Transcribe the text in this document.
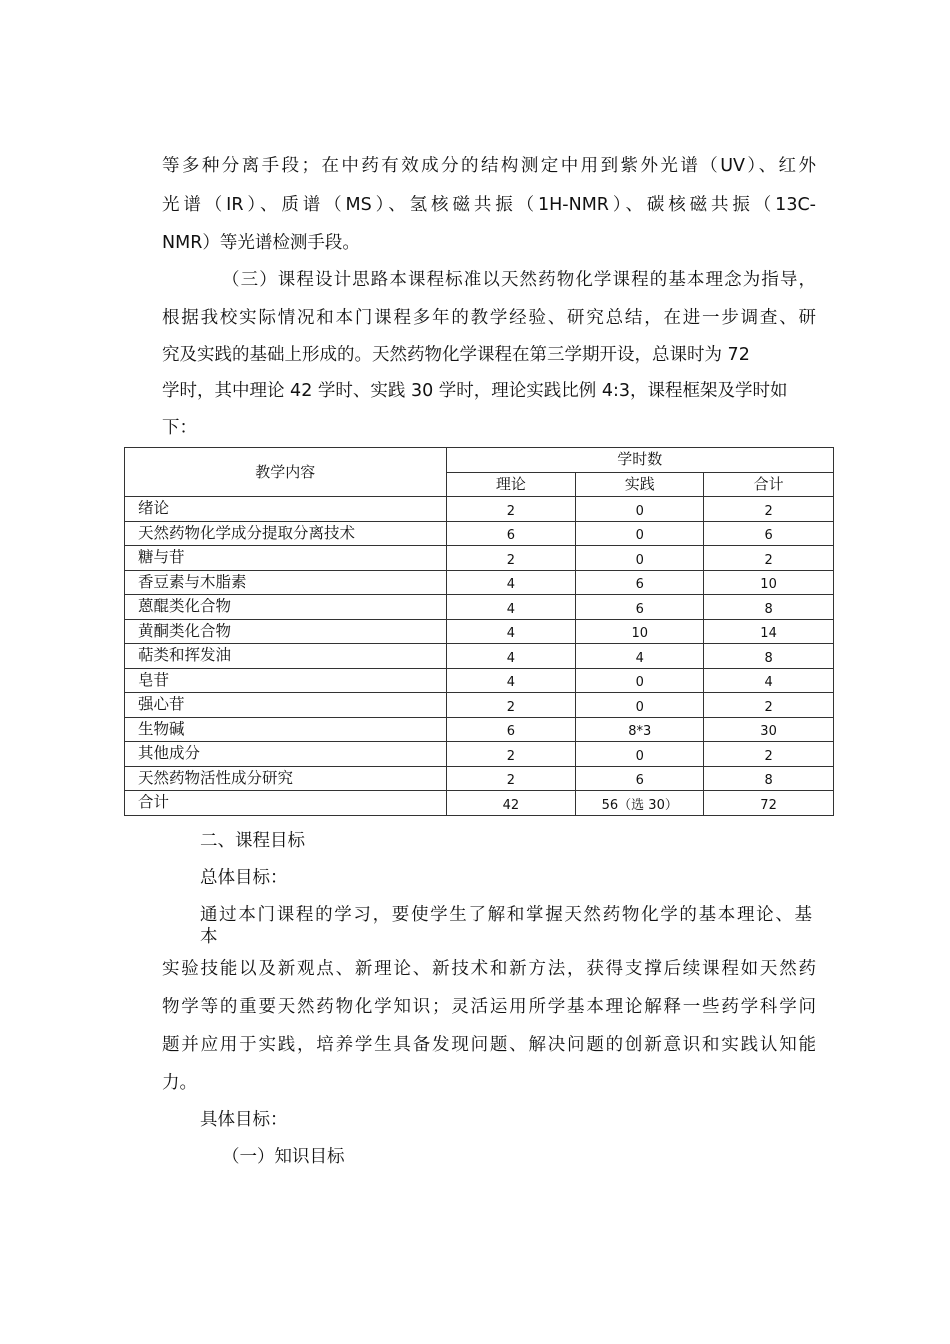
等多种分离手段；在中药有效成分的结构测定中用到紫外光谱（UV）、红外
光谱（IR）、质谱（MS）、氢核磁共振（1H-NMR）、碳核磁共振（13C-
NMR）等光谱检测手段。
（三）课程设计思路本课程标准以天然药物化学课程的基本理念为指导，
根据我校实际情况和本门课程多年的教学经验、研究总结，在进一步调查、研
究及实践的基础上形成的。天然药物化学课程在第三学期开设，总课时为 72
学时，其中理论 42 学时、实践 30 学时，理论实践比例 4:3，课程框架及学时如
下：
教学内容	学时数		
	理论	实践	合计
绪论	2	0	2
天然药物化学成分提取分离技术	6	0	6
糖与苷	2	0	2
香豆素与木脂素	4	6	10
蒽醌类化合物	4	6	8
黄酮类化合物	4	10	14
萜类和挥发油	4	4	8
皂苷	4	0	4
强心苷	2	0	2
生物碱	6	8*3	30
其他成分	2	0	2
天然药物活性成分研究	2	6	8
合计	42	56（选 30）	72
二、课程目标
总体目标：
通过本门课程的学习，要使学生了解和掌握天然药物化学的基本理论、基
本
实验技能以及新观点、新理论、新技术和新方法，获得支撑后续课程如天然药
物学等的重要天然药物化学知识；灵活运用所学基本理论解释一些药学科学问
题并应用于实践，培养学生具备发现问题、解决问题的创新意识和实践认知能
力。
具体目标：
（一）知识目标
